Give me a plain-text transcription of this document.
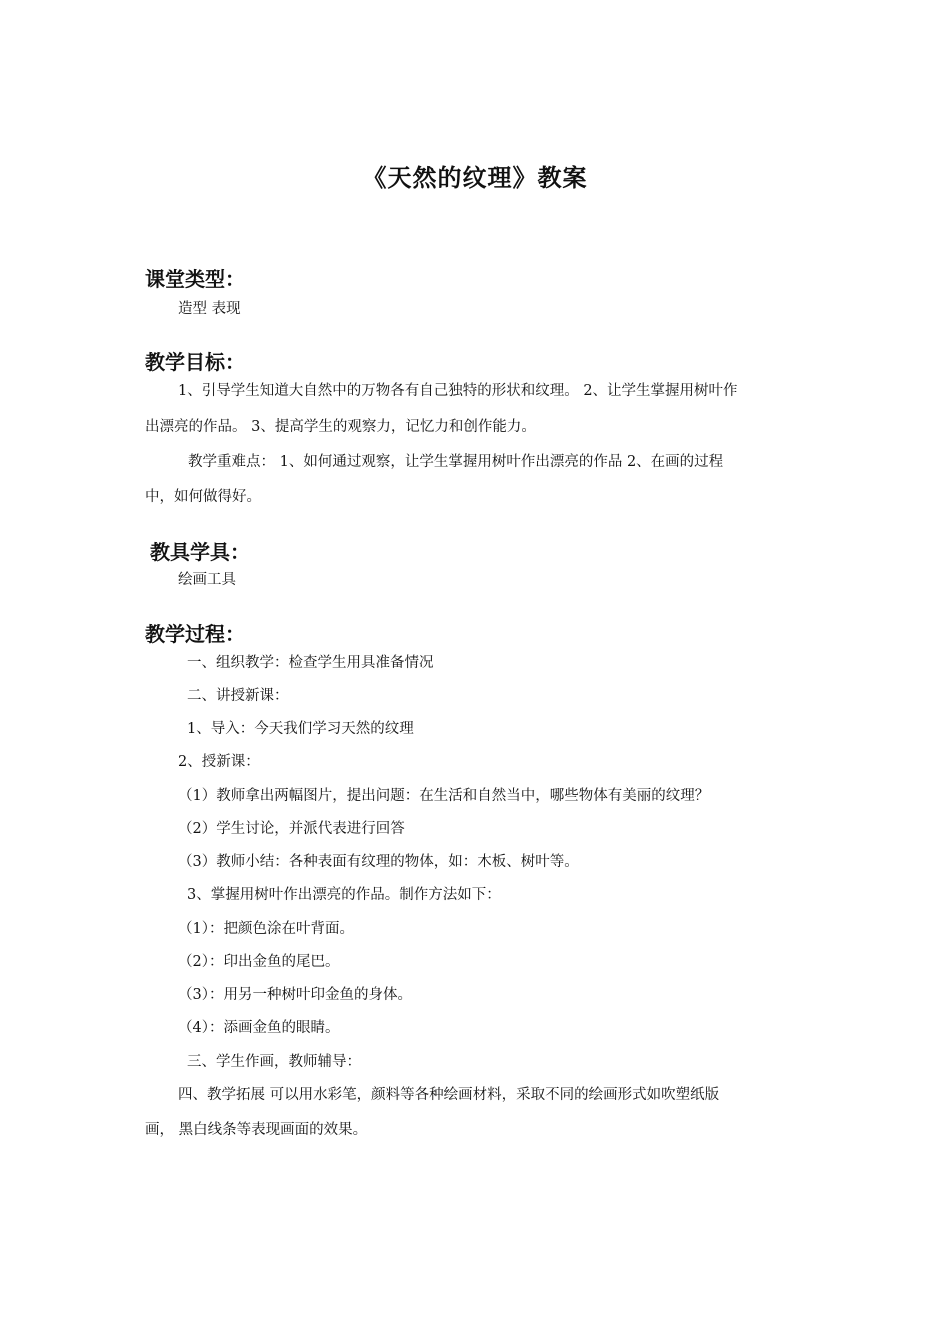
《天然的纹理》教案
课堂类型：
造型 表现
教学目标：
1、引导学生知道大自然中的万物各有自己独特的形状和纹理。 2、让学生掌握用树叶作
出漂亮的作品。 3、提高学生的观察力，记忆力和创作能力。
教学重难点： 1、如何通过观察，让学生掌握用树叶作出漂亮的作品 2、在画的过程
中，如何做得好。
教具学具：
绘画工具
教学过程：
一、组织教学：检查学生用具准备情况
二、讲授新课：
1、导入：今天我们学习天然的纹理
2、授新课：
（1）教师拿出两幅图片，提出问题：在生活和自然当中，哪些物体有美丽的纹理？
（2）学生讨论，并派代表进行回答
（3）教师小结：各种表面有纹理的物体，如：木板、树叶等。
3、掌握用树叶作出漂亮的作品。制作方法如下：
（1）：把颜色涂在叶背面。
（2）：印出金鱼的尾巴。
（3）：用另一种树叶印金鱼的身体。
（4）：添画金鱼的眼睛。
三、学生作画，教师辅导：
四、教学拓展 可以用水彩笔，颜料等各种绘画材料，采取不同的绘画形式如吹塑纸版
画， 黑白线条等表现画面的效果。
